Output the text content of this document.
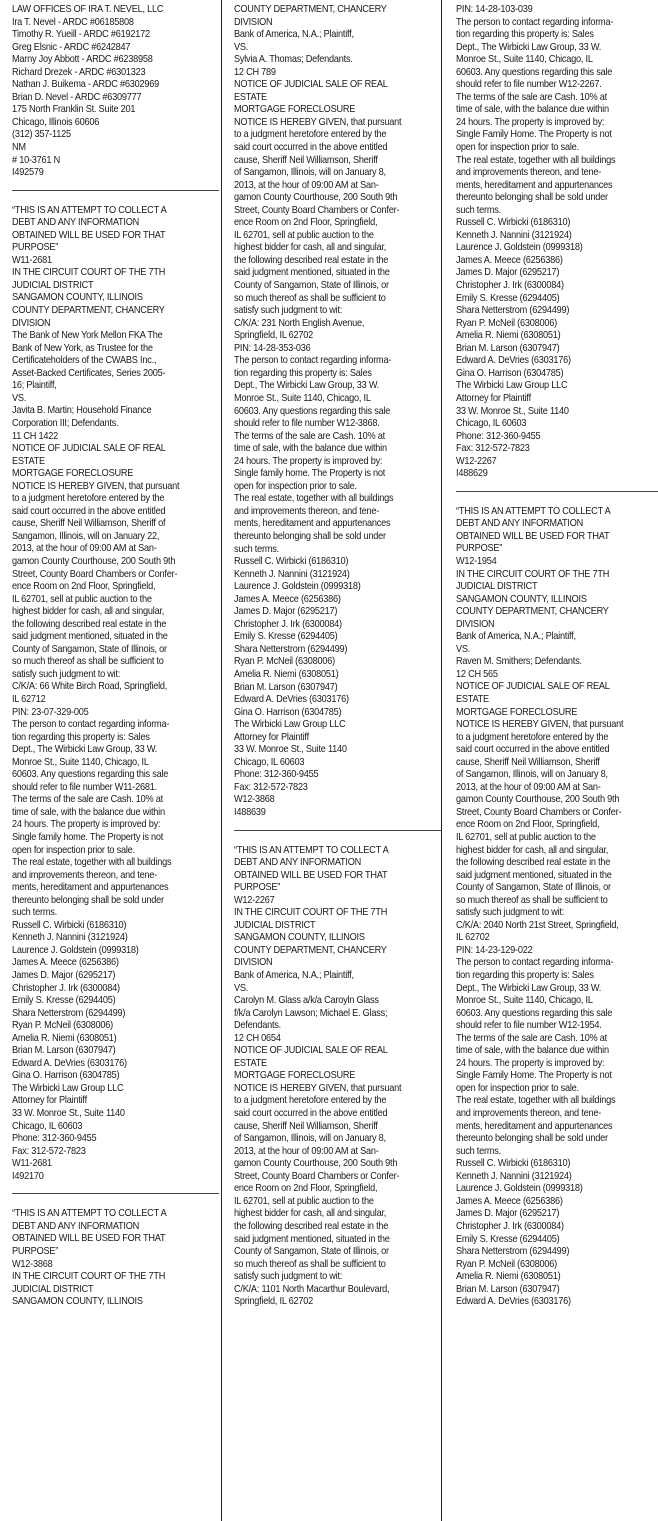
LAW OFFICES OF IRA T. NEVEL, LLC
Ira T. Nevel - ARDC #06185808
Timothy R. Yueill - ARDC #6192172
Greg Elsnic - ARDC #6242847
Marny Joy Abbott - ARDC #6238958
Richard Drezek - ARDC #6301323
Nathan J. Buikema - ARDC #6302969
Brian D. Nevel - ARDC #6309777
175 North Franklin St. Suite 201
Chicago, Illinois 60606
(312) 357-1125
NM
# 10-3761 N
I492579
“THIS IS AN ATTEMPT TO COLLECT A
DEBT AND ANY INFORMATION
OBTAINED WILL BE USED FOR THAT
PURPOSE”
W11-2681
IN THE CIRCUIT COURT OF THE 7TH
JUDICIAL DISTRICT
SANGAMON COUNTY, ILLINOIS
COUNTY DEPARTMENT, CHANCERY
DIVISION
The Bank of New York Mellon FKA The
Bank of New York, as Trustee for the
Certificateholders of the CWABS Inc.,
Asset-Backed Certificates, Series 2005-
16; Plaintiff,
VS.
Javita B. Martin; Household Finance
Corporation III; Defendants.
11 CH 1422
NOTICE OF JUDICIAL SALE OF REAL
ESTATE
MORTGAGE FORECLOSURE
NOTICE IS HEREBY GIVEN, that pursuant
to a judgment heretofore entered by the
said court occurred in the above entitled
cause, Sheriff Neil Williamson, Sheriff of
Sangamon, Illinois, will on January 22,
2013, at the hour of 09:00 AM at San-
gamon County Courthouse, 200 South 9th
Street, County Board Chambers or Confer-
ence Room on 2nd Floor, Springfield,
IL 62701, sell at public auction to the
highest bidder for cash, all and singular,
the following described real estate in the
said judgment mentioned, situated in the
County of Sangamon, State of Illinois, or
so much thereof as shall be sufficient to
satisfy such judgment to wit:
C/K/A: 66 White Birch Road, Springfield,
IL 62712
PIN: 23-07-329-005
The person to contact regarding informa-
tion regarding this property is: Sales
Dept., The Wirbicki Law Group, 33 W.
Monroe St., Suite 1140, Chicago, IL
60603. Any questions regarding this sale
should refer to file number W11-2681.
The terms of the sale are Cash. 10% at
time of sale, with the balance due within
24 hours. The property is improved by:
Single family home. The Property is not
open for inspection prior to sale.
The real estate, together with all buildings
and improvements thereon, and tene-
ments, hereditament and appurtenances
thereunto belonging shall be sold under
such terms.
Russell C. Wirbicki (6186310)
Kenneth J. Nannini (3121924)
Laurence J. Goldstein (0999318)
James A. Meece (6256386)
James D. Major (6295217)
Christopher J. Irk (6300084)
Emily S. Kresse (6294405)
Shara Netterstrom (6294499)
Ryan P. McNeil (6308006)
Amelia R. Niemi (6308051)
Brian M. Larson (6307947)
Edward A. DeVries (6303176)
Gina O. Harrison (6304785)
The Wirbicki Law Group LLC
Attorney for Plaintiff
33 W. Monroe St., Suite 1140
Chicago, IL 60603
Phone: 312-360-9455
Fax: 312-572-7823
W11-2681
I492170
“THIS IS AN ATTEMPT TO COLLECT A
DEBT AND ANY INFORMATION
OBTAINED WILL BE USED FOR THAT
PURPOSE”
W12-3868
IN THE CIRCUIT COURT OF THE 7TH
JUDICIAL DISTRICT
SANGAMON COUNTY, ILLINOIS
COUNTY DEPARTMENT, CHANCERY
DIVISION
Bank of America, N.A.; Plaintiff,
VS.
Sylvia A. Thomas; Defendants.
12 CH 789
NOTICE OF JUDICIAL SALE OF REAL
ESTATE
MORTGAGE FORECLOSURE
NOTICE IS HEREBY GIVEN, that pursuant
to a judgment heretofore entered by the
said court occurred in the above entitled
cause, Sheriff Neil Williamson, Sheriff
of Sangamon, Illinois, will on January 8,
2013, at the hour of 09:00 AM at San-
gamon County Courthouse, 200 South 9th
Street, County Board Chambers or Confer-
ence Room on 2nd Floor, Springfield,
IL 62701, sell at public auction to the
highest bidder for cash, all and singular,
the following described real estate in the
said judgment mentioned, situated in the
County of Sangamon, State of Illinois, or
so much thereof as shall be sufficient to
satisfy such judgment to wit:
C/K/A: 231 North English Avenue,
Springfield, IL 62702
PIN: 14-28-353-036
The person to contact regarding informa-
tion regarding this property is: Sales
Dept., The Wirbicki Law Group, 33 W.
Monroe St., Suite 1140, Chicago, IL
60603. Any questions regarding this sale
should refer to file number W12-3868.
The terms of the sale are Cash. 10% at
time of sale, with the balance due within
24 hours. The property is improved by:
Single family home. The Property is not
open for inspection prior to sale.
The real estate, together with all buildings
and improvements thereon, and tene-
ments, hereditament and appurtenances
thereunto belonging shall be sold under
such terms.
Russell C. Wirbicki (6186310)
Kenneth J. Nannini (3121924)
Laurence J. Goldstein (0999318)
James A. Meece (6256386)
James D. Major (6295217)
Christopher J. Irk (6300084)
Emily S. Kresse (6294405)
Shara Netterstrom (6294499)
Ryan P. McNeil (6308006)
Amelia R. Niemi (6308051)
Brian M. Larson (6307947)
Edward A. DeVries (6303176)
Gina O. Harrison (6304785)
The Wirbicki Law Group LLC
Attorney for Plaintiff
33 W. Monroe St., Suite 1140
Chicago, IL 60603
Phone: 312-360-9455
Fax: 312-572-7823
W12-3868
I488639
“THIS IS AN ATTEMPT TO COLLECT A
DEBT AND ANY INFORMATION
OBTAINED WILL BE USED FOR THAT
PURPOSE”
W12-2267
IN THE CIRCUIT COURT OF THE 7TH
JUDICIAL DISTRICT
SANGAMON COUNTY, ILLINOIS
COUNTY DEPARTMENT, CHANCERY
DIVISION
Bank of America, N.A.; Plaintiff,
VS.
Carolyn M. Glass a/k/a Caroyln Glass
f/k/a Carolyn Lawson; Michael E. Glass;
Defendants.
12 CH 0654
NOTICE OF JUDICIAL SALE OF REAL
ESTATE
MORTGAGE FORECLOSURE
NOTICE IS HEREBY GIVEN, that pursuant
to a judgment heretofore entered by the
said court occurred in the above entitled
cause, Sheriff Neil Williamson, Sheriff
of Sangamon, Illinois, will on January 8,
2013, at the hour of 09:00 AM at San-
gamon County Courthouse, 200 South 9th
Street, County Board Chambers or Confer-
ence Room on 2nd Floor, Springfield,
IL 62701, sell at public auction to the
highest bidder for cash, all and singular,
the following described real estate in the
said judgment mentioned, situated in the
County of Sangamon, State of Illinois, or
so much thereof as shall be sufficient to
satisfy such judgment to wit:
C/K/A: 1101 North Macarthur Boulevard,
Springfield, IL 62702
PIN: 14-28-103-039
The person to contact regarding informa-
tion regarding this property is: Sales
Dept., The Wirbicki Law Group, 33 W.
Monroe St., Suite 1140, Chicago, IL
60603. Any questions regarding this sale
should refer to file number W12-2267.
The terms of the sale are Cash. 10% at
time of sale, with the balance due within
24 hours. The property is improved by:
Single Family Home. The Property is not
open for inspection prior to sale.
The real estate, together with all buildings
and improvements thereon, and tene-
ments, hereditament and appurtenances
thereunto belonging shall be sold under
such terms.
Russell C. Wirbicki (6186310)
Kenneth J. Nannini (3121924)
Laurence J. Goldstein (0999318)
James A. Meece (6256386)
James D. Major (6295217)
Christopher J. Irk (6300084)
Emily S. Kresse (6294405)
Shara Netterstrom (6294499)
Ryan P. McNeil (6308006)
Amelia R. Niemi (6308051)
Brian M. Larson (6307947)
Edward A. DeVries (6303176)
Gina O. Harrison (6304785)
The Wirbicki Law Group LLC
Attorney for Plaintiff
33 W. Monroe St., Suite 1140
Chicago, IL 60603
Phone: 312-360-9455
Fax: 312-572-7823
W12-2267
I488629
“THIS IS AN ATTEMPT TO COLLECT A
DEBT AND ANY INFORMATION
OBTAINED WILL BE USED FOR THAT
PURPOSE”
W12-1954
IN THE CIRCUIT COURT OF THE 7TH
JUDICIAL DISTRICT
SANGAMON COUNTY, ILLINOIS
COUNTY DEPARTMENT, CHANCERY
DIVISION
Bank of America, N.A.; Plaintiff,
VS.
Raven M. Smithers; Defendants.
12 CH 565
NOTICE OF JUDICIAL SALE OF REAL
ESTATE
MORTGAGE FORECLOSURE
NOTICE IS HEREBY GIVEN, that pursuant
to a judgment heretofore entered by the
said court occurred in the above entitled
cause, Sheriff Neil Williamson, Sheriff
of Sangamon, Illinois, will on January 8,
2013, at the hour of 09:00 AM at San-
gamon County Courthouse, 200 South 9th
Street, County Board Chambers or Confer-
ence Room on 2nd Floor, Springfield,
IL 62701, sell at public auction to the
highest bidder for cash, all and singular,
the following described real estate in the
said judgment mentioned, situated in the
County of Sangamon, State of Illinois, or
so much thereof as shall be sufficient to
satisfy such judgment to wit:
C/K/A: 2040 North 21st Street, Springfield,
IL 62702
PIN: 14-23-129-022
The person to contact regarding informa-
tion regarding this property is: Sales
Dept., The Wirbicki Law Group, 33 W.
Monroe St., Suite 1140, Chicago, IL
60603. Any questions regarding this sale
should refer to file number W12-1954.
The terms of the sale are Cash. 10% at
time of sale, with the balance due within
24 hours. The property is improved by:
Single Family Home. The Property is not
open for inspection prior to sale.
The real estate, together with all buildings
and improvements thereon, and tene-
ments, hereditament and appurtenances
thereunto belonging shall be sold under
such terms.
Russell C. Wirbicki (6186310)
Kenneth J. Nannini (3121924)
Laurence J. Goldstein (0999318)
James A. Meece (6256386)
James D. Major (6295217)
Christopher J. Irk (6300084)
Emily S. Kresse (6294405)
Shara Netterstrom (6294499)
Ryan P. McNeil (6308006)
Amelia R. Niemi (6308051)
Brian M. Larson (6307947)
Edward A. DeVries (6303176)
